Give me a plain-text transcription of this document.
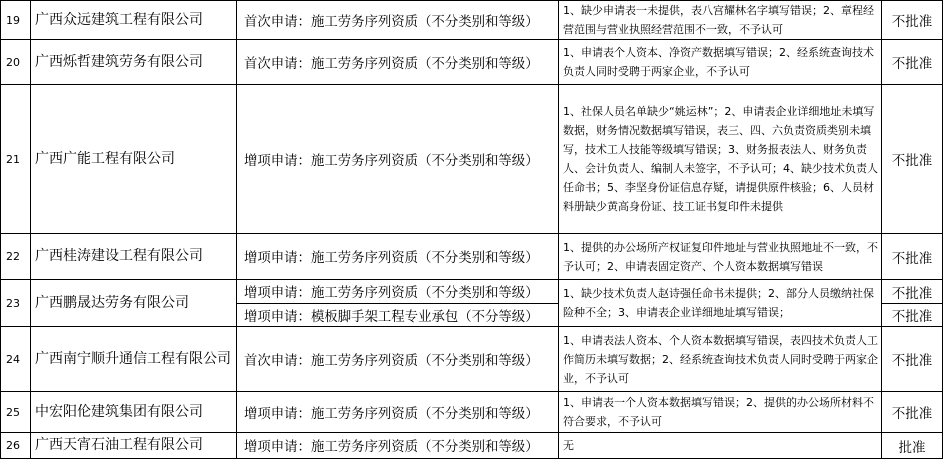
19	广西众远建筑工程有限公司	首次申请：施工劳务序列资质（不分类别和等级）	1、缺少申请表一未提供，表八宫耀林名字填写错误；2、章程经营范围与营业执照经营范围不一致，不予认可	不批准
20	广西烁哲建筑劳务有限公司	首次申请：施工劳务序列资质（不分类别和等级）	1、申请表个人资本、净资产数据填写错误；2、经系统查询技术负责人同时受聘于两家企业，不予认可	不批准
21	广西广能工程有限公司	增项申请：施工劳务序列资质（不分类别和等级）	1、社保人员名单缺少“姚运林”；2、申请表企业详细地址未填写数据，财务情况数据填写错误，表三、四、六负责资质类别未填写，技术工人技能等级填写错误；3、财务报表法人、财务负责人、会计负责人、编制人未签字，不予认可；4、缺少技术负责人任命书；5、李坚身份证信息存疑，请提供原件核验；6、人员材料册缺少黄高身份证、技工证书复印件未提供	不批准
22	广西桂涛建设工程有限公司	增项申请：施工劳务序列资质（不分类别和等级）	1、提供的办公场所产权证复印件地址与营业执照地址不一致，不予认可；2、申请表固定资产、个人资本数据填写错误	不批准
23	广西鹏晟达劳务有限公司	增项申请：施工劳务序列资质（不分类别和等级）	1、缺少技术负责人赵诗强任命书未提供；2、部分人员缴纳社保险种不全；3、申请表企业详细地址填写错误；	不批准
		增项申请：模板脚手架工程专业承包（不分等级）		不批准
24	广西南宁顺升通信工程有限公司	首次申请：施工劳务序列资质（不分类别和等级）	1、申请表法人资本、个人资本数据填写错误，表四技术负责人工作简历未填写数据；2、经系统查询技术负责人同时受聘于两家企业，不予认可	不批准
25	中宏阳伦建筑集团有限公司	增项申请：施工劳务序列资质（不分类别和等级）	1、申请表一个人资本数据填写错误；2、提供的办公场所材料不符合要求，不予认可	不批准
26	广西天宵石油工程有限公司	增项申请：施工劳务序列资质（不分类别和等级）	无	批准
